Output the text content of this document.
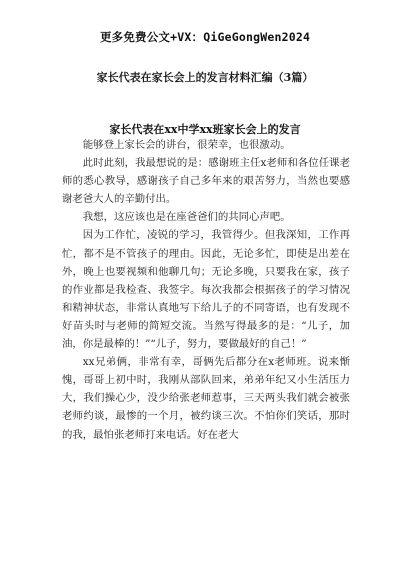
更多免费公文+VX：QiGeGongWen2024
家长代表在家长会上的发言材料汇编（3篇）
家长代表在xx中学xx班家长会上的发言

能够登上家长会的讲台，很荣幸，也很激动。

此时此刻，我最想说的是：感谢班主任x老师和各位任课老师的悉心教导，感谢孩子自己多年来的艰苦努力，当然也要感谢老爸大人的辛勤付出。

我想，这应该也是在座爸爸们的共同心声吧。

因为工作忙，凌锐的学习，我管得少。但我深知，工作再忙，都不是不管孩子的理由。因此，无论多忙，即使是出差在外，晚上也要视频和他聊几句；无论多晚，只要我在家，孩子的作业都是我检查、我签字。每次我都会根据孩子的学习情况和精神状态，非常认真地写下给儿子的不同寄语，也有发现不好苗头时与老师的简短交流。当然写得最多的是：“儿子，加油，你是最棒的！”“儿子，努力，要做最好的自己！”

xx兄弟俩，非常有幸，哥俩先后都分在x老师班。说来惭愧，哥哥上初中时，我刚从部队回来，弟弟年纪又小生活压力大，我们操心少，没少给张老师惹事，三天两头我们就会被张老师约谈，最惨的一个月，被约谈三次。不怕你们笑话，那时的我，最怕张老师打来电话。好在老大
